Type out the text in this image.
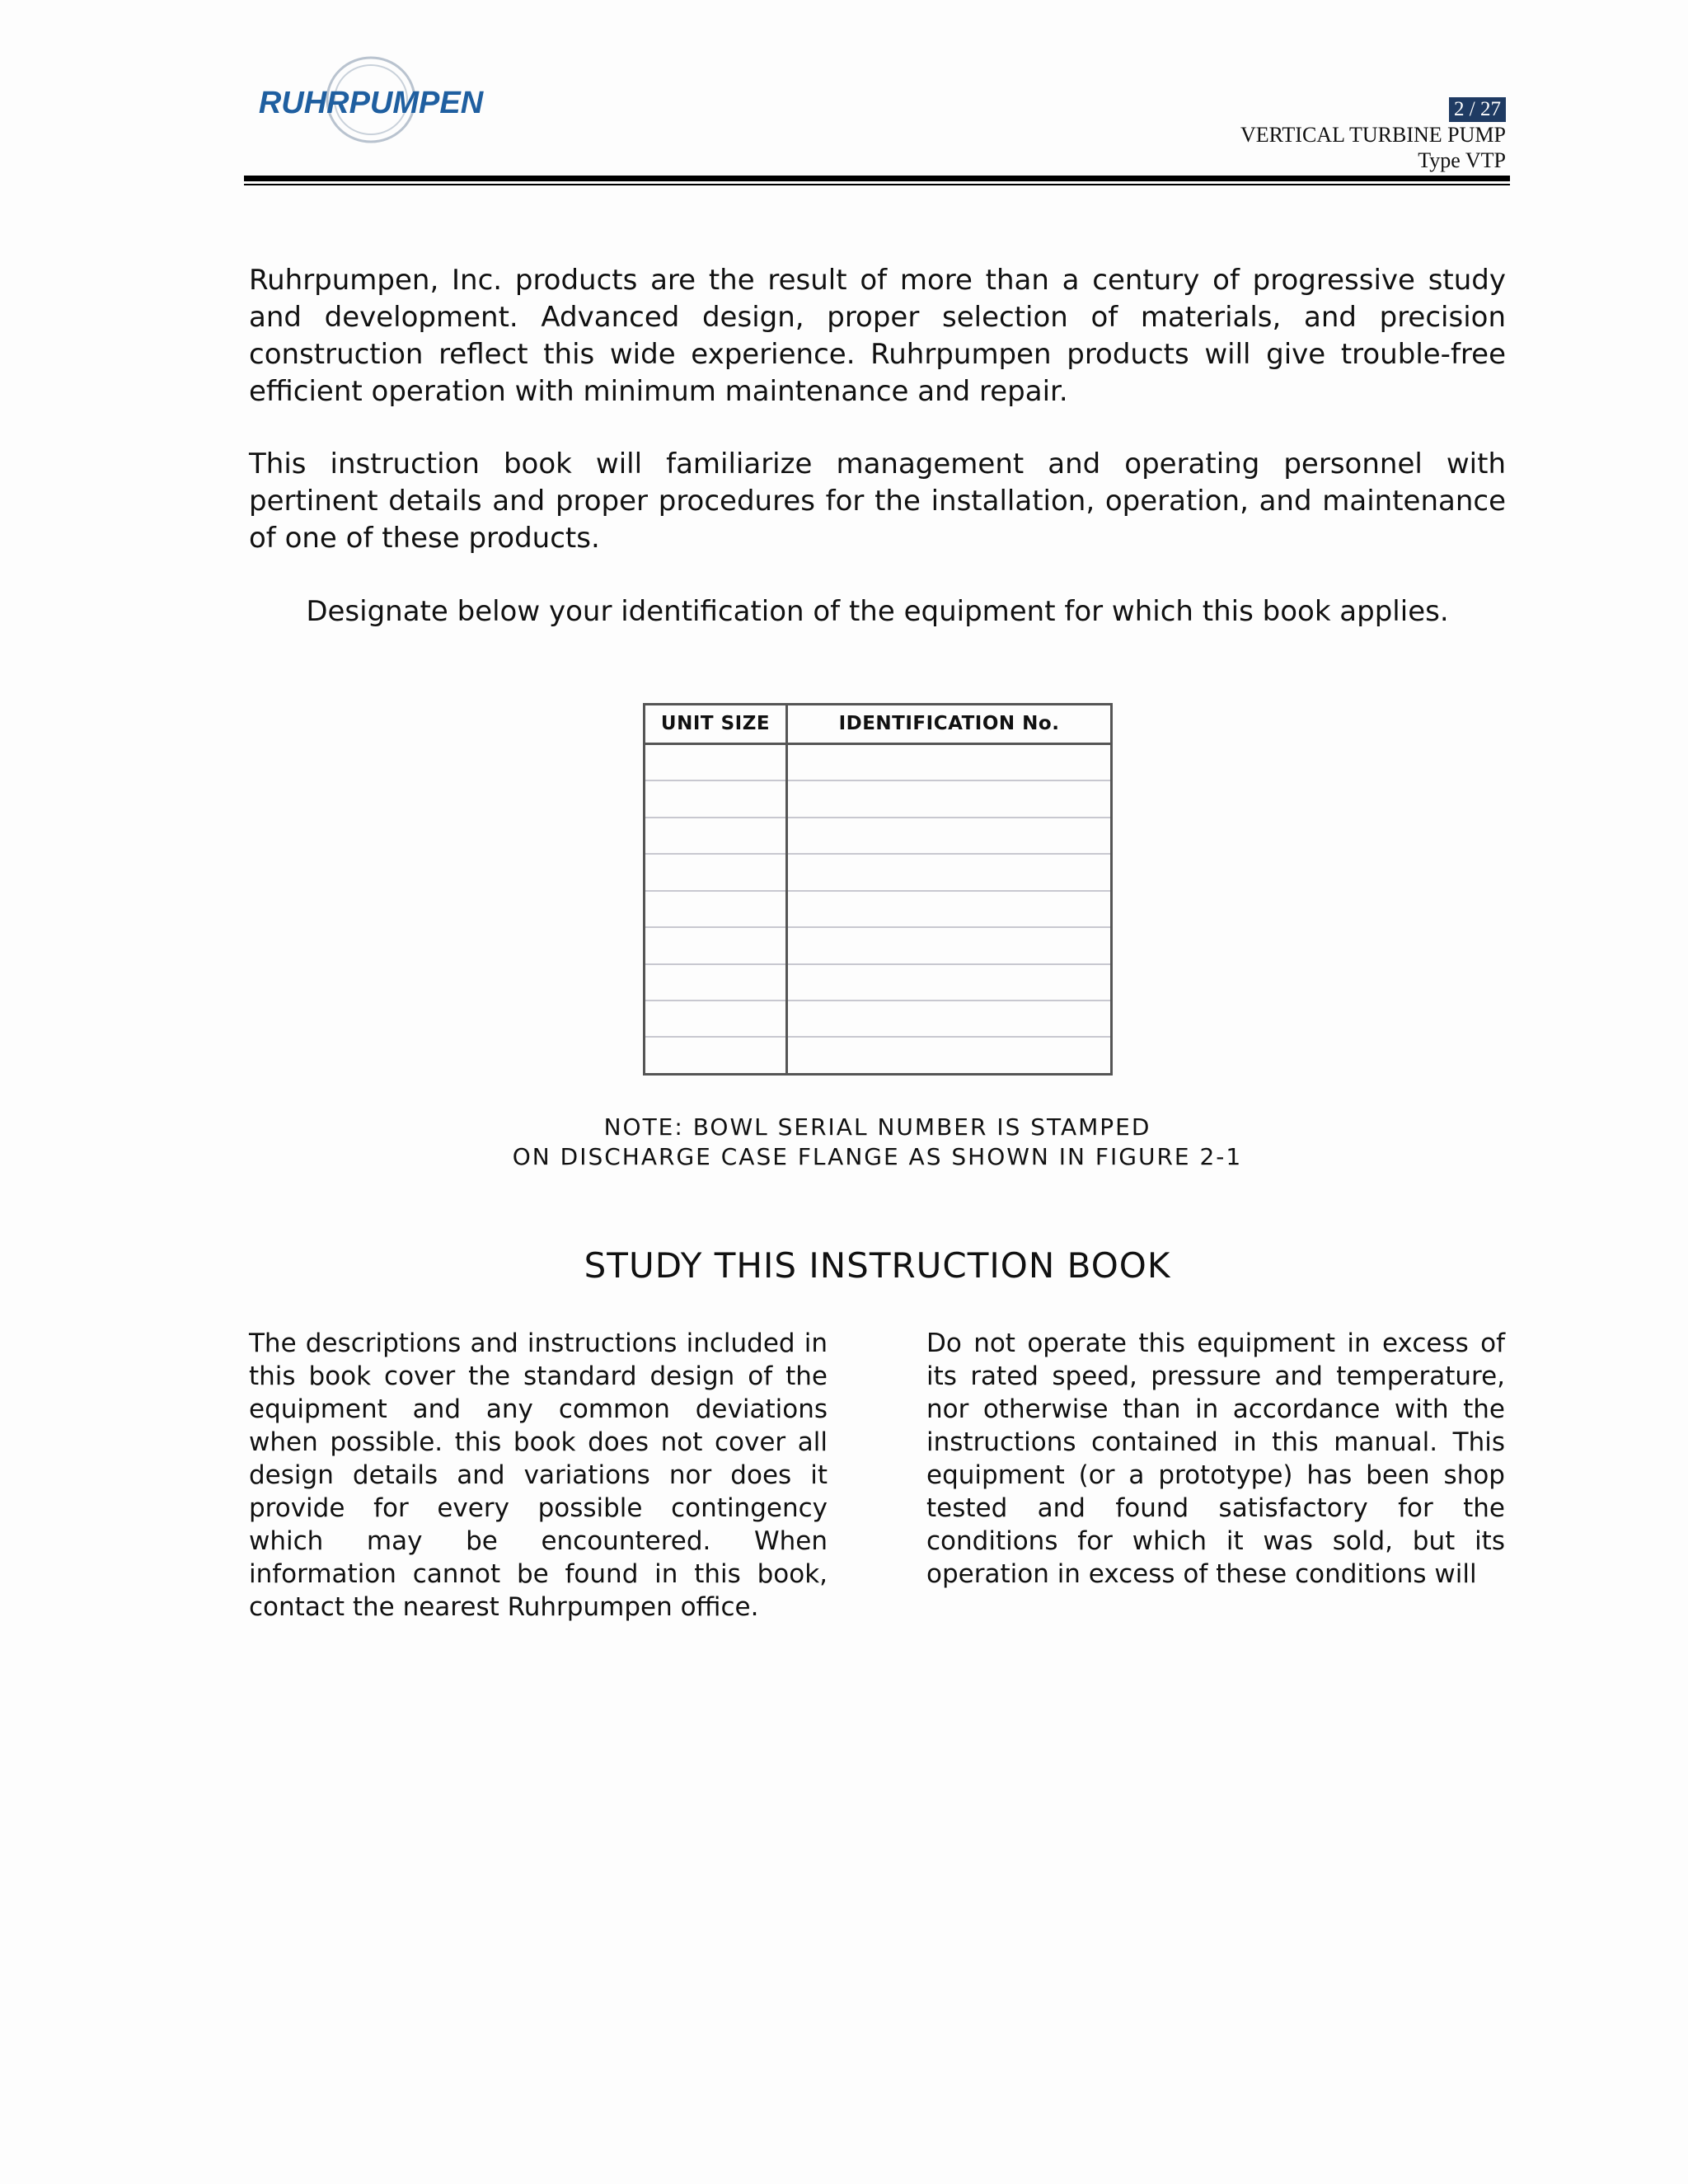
RUHRPUMPEN	2 / 27
VERTICAL TURBINE PUMP
Type VTP

Ruhrpumpen, Inc. products are the result of more than a century of progressive study and development. Advanced design, proper selection of materials, and precision construction reflect this wide experience. Ruhrpumpen products will give trouble-free efficient operation with minimum maintenance and repair.

This instruction book will familiarize management and operating personnel with pertinent details and proper procedures for the installation, operation, and maintenance of one of these products.

Designate below your identification of the equipment for which this book applies.

UNIT SIZE	IDENTIFICATION No.

NOTE: BOWL SERIAL NUMBER IS STAMPED
ON DISCHARGE CASE FLANGE AS SHOWN IN FIGURE 2-1
STUDY THIS INSTRUCTION BOOK

The descriptions and instructions included in this book cover the standard design of the equipment and any common deviations when possible. this book does not cover all design details and variations nor does it provide for every possible contingency which may be encountered. When information cannot be found in this book, contact the nearest Ruhrpumpen office.

Do not operate this equipment in excess of its rated speed, pressure and temperature, nor otherwise than in accordance with the instructions contained in this manual. This equipment (or a prototype) has been shop tested and found satisfactory for the conditions for which it was sold, but its operation in excess of these conditions will
